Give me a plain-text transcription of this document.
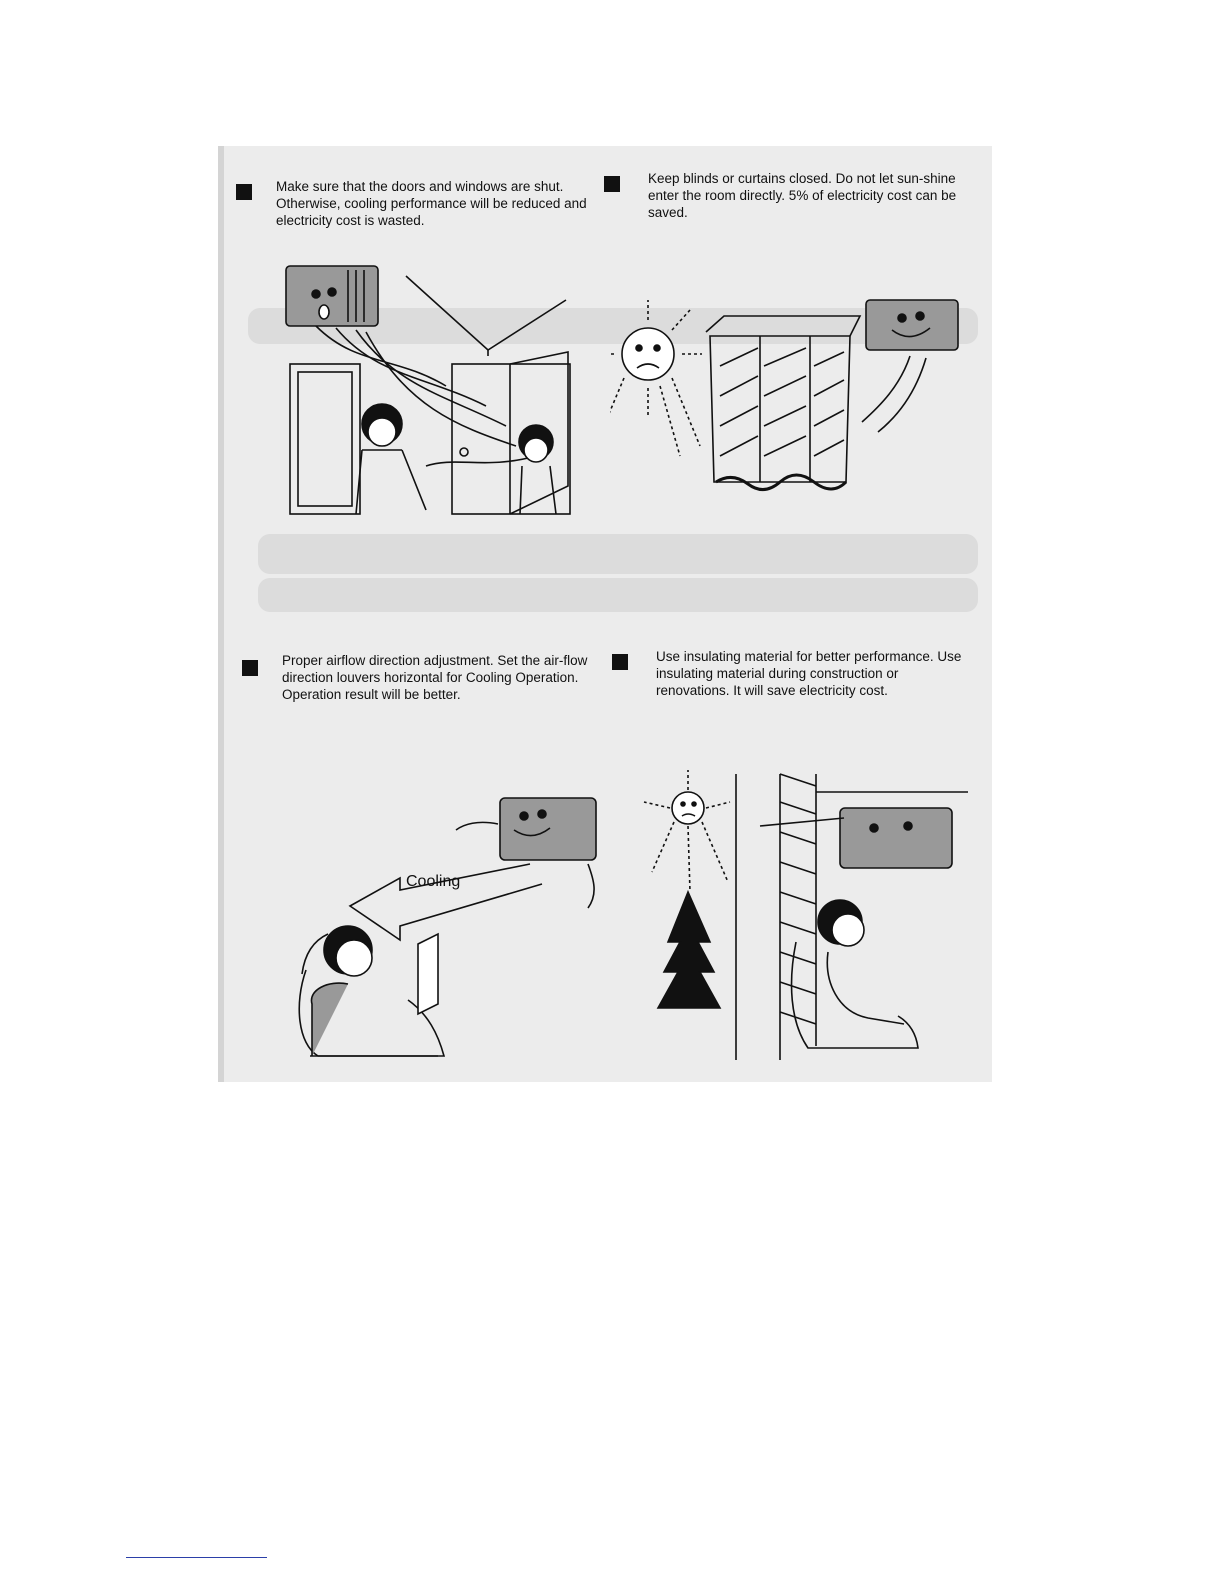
Make sure that the doors and windows are shut. Otherwise, cooling performance will be reduced and electricity cost is wasted.
Keep blinds or curtains closed. Do not let sun-shine enter the room directly. 5% of electricity cost can be saved.
Proper airflow direction adjustment. Set the air-flow direction louvers horizontal for Cooling Operation. Operation result will be better.
Use insulating material for better performance. Use insulating material during construction or renovations. It will save electricity cost.
Cooling
